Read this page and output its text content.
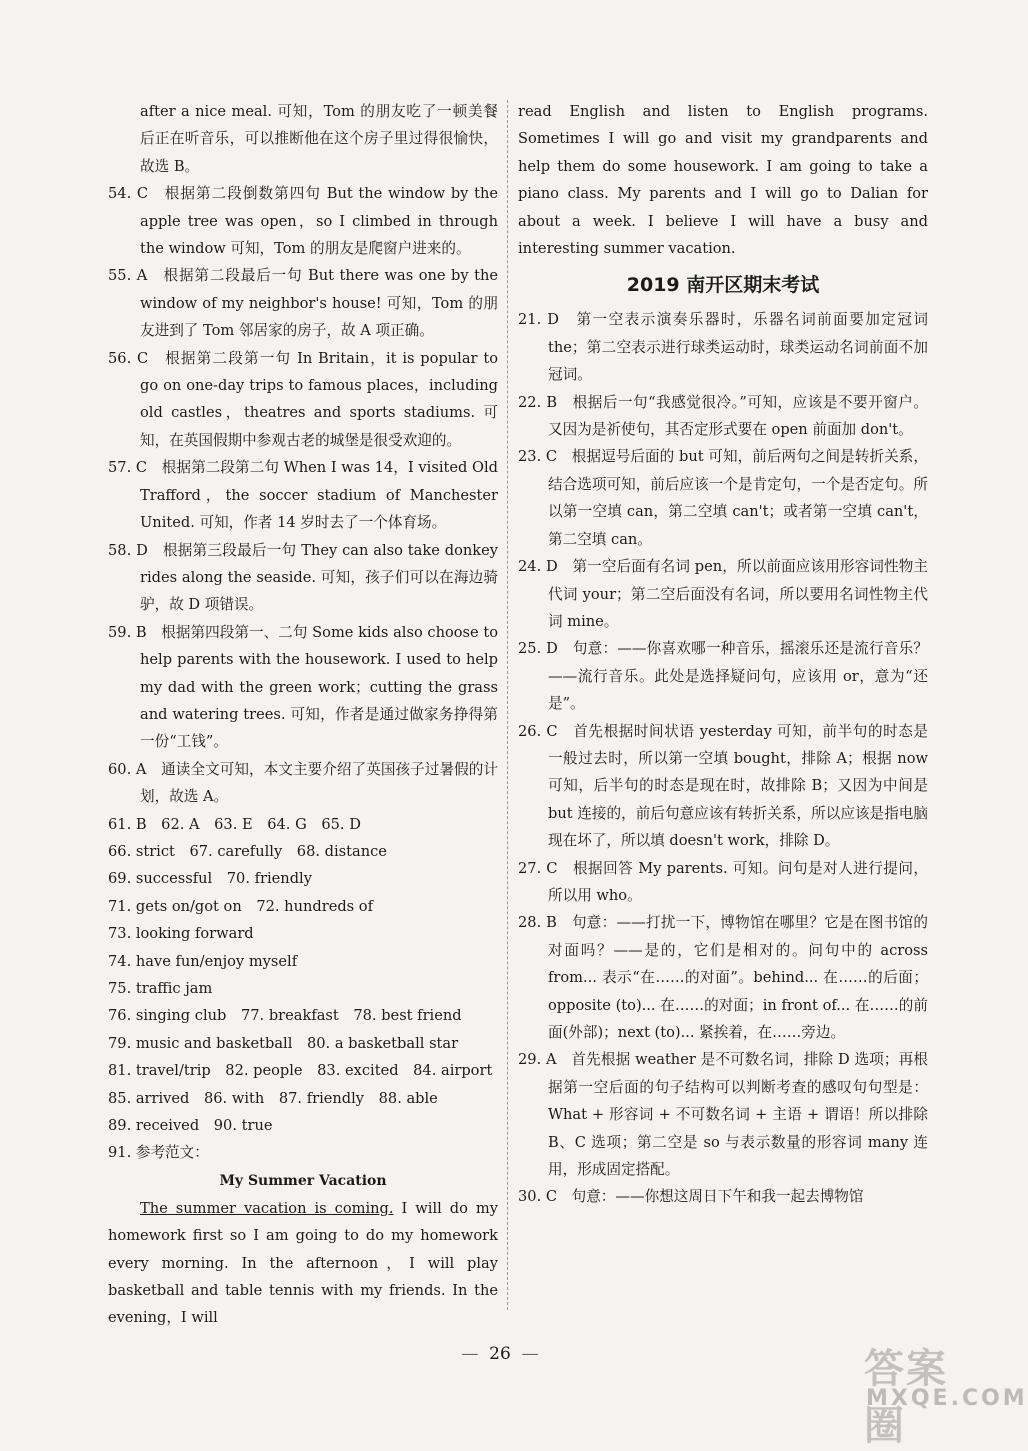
after a nice meal. 可知，Tom 的朋友吃了一顿美餐后正在听音乐，可以推断他在这个房子里过得很愉快，故选 B。

54. C　根据第二段倒数第四句 But the window by the apple tree was open，so I climbed in through the window 可知，Tom 的朋友是爬窗户进来的。

55. A　根据第二段最后一句 But there was one by the window of my neighbor's house! 可知，Tom 的朋友进到了 Tom 邻居家的房子，故 A 项正确。

56. C　根据第二段第一句 In Britain，it is popular to go on one-day trips to famous places，including old castles，theatres and sports stadiums. 可知，在英国假期中参观古老的城堡是很受欢迎的。

57. C　根据第二段第二句 When I was 14，I visited Old Trafford，the soccer stadium of Manchester United. 可知，作者 14 岁时去了一个体育场。

58. D　根据第三段最后一句 They can also take donkey rides along the seaside. 可知，孩子们可以在海边骑驴，故 D 项错误。

59. B　根据第四段第一、二句 Some kids also choose to help parents with the housework. I used to help my dad with the green work；cutting the grass and watering trees. 可知，作者是通过做家务挣得第一份“工钱”。

60. A　通读全文可知，本文主要介绍了英国孩子过暑假的计划，故选 A。

61. B　62. A　63. E　64. G　65. D

66. strict　67. carefully　68. distance

69. successful　70. friendly

71. gets on/got on　72. hundreds of

73. looking forward

74. have fun/enjoy myself

75. traffic jam

76. singing club　77. breakfast　78. best friend

79. music and basketball　80. a basketball star

81. travel/trip　82. people　83. excited　84. airport

85. arrived　86. with　87. friendly　88. able

89. received　90. true

91. 参考范文：

My Summer Vacation

The summer vacation is coming. I will do my homework first so I am going to do my homework every morning. In the afternoon，I will play basketball and table tennis with my friends. In the evening，I will

read English and listen to English programs. Sometimes I will go and visit my grandparents and help them do some housework. I am going to take a piano class. My parents and I will go to Dalian for about a week. I believe I will have a busy and interesting summer vacation.

2019 南开区期末考试

21. D　第一空表示演奏乐器时，乐器名词前面要加定冠词 the；第二空表示进行球类运动时，球类运动名词前面不加冠词。

22. B　根据后一句“我感觉很冷。”可知，应该是不要开窗户。又因为是祈使句，其否定形式要在 open 前面加 don't。

23. C　根据逗号后面的 but 可知，前后两句之间是转折关系，结合选项可知，前后应该一个是肯定句，一个是否定句。所以第一空填 can，第二空填 can't；或者第一空填 can't，第二空填 can。

24. D　第一空后面有名词 pen，所以前面应该用形容词性物主代词 your；第二空后面没有名词，所以要用名词性物主代词 mine。

25. D　句意：——你喜欢哪一种音乐，摇滚乐还是流行音乐？——流行音乐。此处是选择疑问句，应该用 or，意为“还是”。

26. C　首先根据时间状语 yesterday 可知，前半句的时态是一般过去时，所以第一空填 bought，排除 A；根据 now 可知，后半句的时态是现在时，故排除 B；又因为中间是 but 连接的，前后句意应该有转折关系，所以应该是指电脑现在坏了，所以填 doesn't work，排除 D。

27. C　根据回答 My parents. 可知。问句是对人进行提问，所以用 who。

28. B　句意：——打扰一下，博物馆在哪里？它是在图书馆的对面吗？——是的，它们是相对的。问句中的 across from... 表示“在……的对面”。behind... 在……的后面；opposite (to)... 在……的对面；in front of... 在……的前面(外部)；next (to)... 紧挨着，在……旁边。

29. A　首先根据 weather 是不可数名词，排除 D 选项；再根据第一空后面的句子结构可以判断考查的感叹句句型是：What + 形容词 + 不可数名词 + 主语 + 谓语！所以排除 B、C 选项；第二空是 so 与表示数量的形容词 many 连用，形成固定搭配。

30. C　句意：——你想这周日下午和我一起去博物馆

— 26 —	答案圈
MXQE.COM
